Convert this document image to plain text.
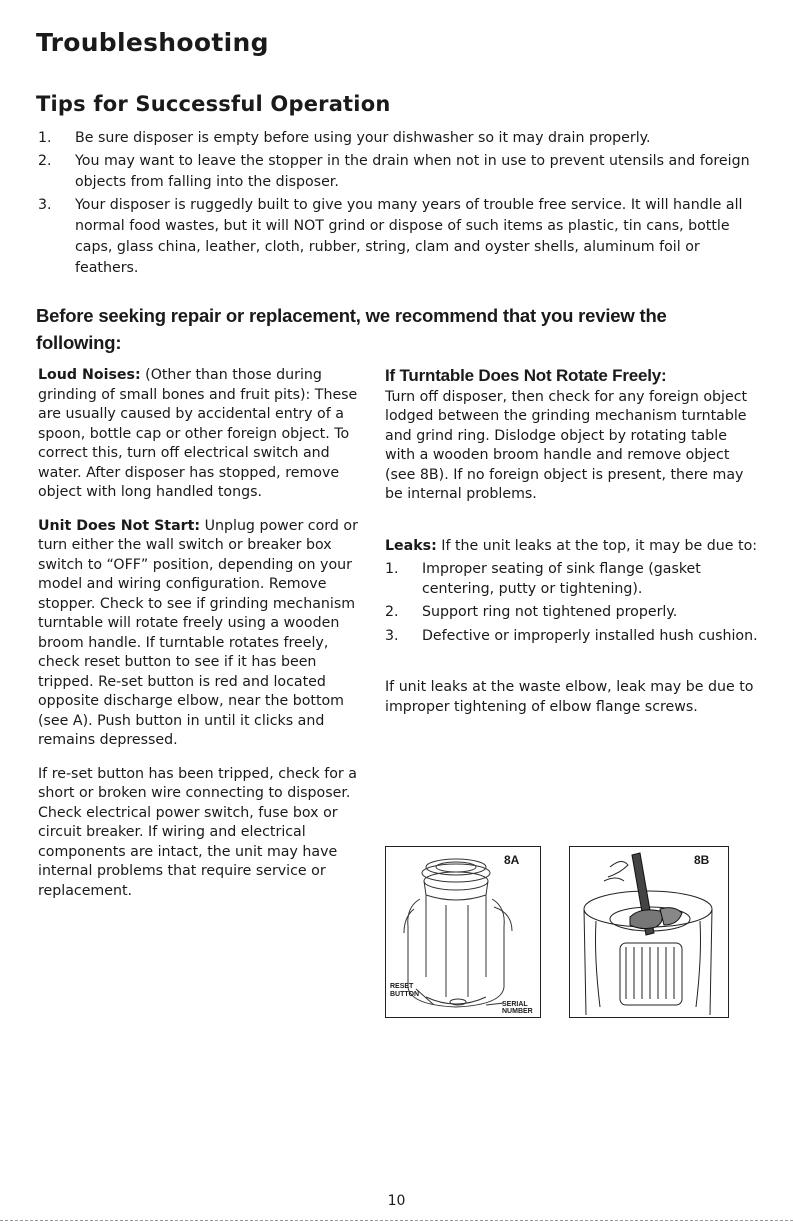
Troubleshooting
Tips for Successful Operation
1. Be sure disposer is empty before using your dishwasher so it may drain properly.
2. You may want to leave the stopper in the drain when not in use to prevent utensils and foreign objects from falling into the disposer.
3. Your disposer is ruggedly built to give you many years of trouble free service. It will handle all normal food wastes, but it will NOT grind or dispose of such items as plastic, tin cans, bottle caps, glass china, leather, cloth, rubber, string, clam and oyster shells, aluminum foil or feathers.
Before seeking repair or replacement, we recommend that you review the following:

Loud Noises: (Other than those during grinding of small bones and fruit pits): These are usually caused by accidental entry of a spoon, bottle cap or other foreign object. To correct this, turn off electrical switch and water. After disposer has stopped, remove object with long handled tongs.

Unit Does Not Start: Unplug power cord or turn either the wall switch or breaker box switch to “OFF” position, depending on your model and wiring configuration. Remove stopper. Check to see if grinding mechanism turntable will rotate freely using a wooden broom handle. If turntable rotates freely, check reset button to see if it has been tripped. Re-set button is red and located opposite discharge elbow, near the bottom (see A). Push button in until it clicks and remains depressed.

If re-set button has been tripped, check for a short or broken wire connecting to disposer. Check electrical power switch, fuse box or circuit breaker. If wiring and electrical components are intact, the unit may have internal problems that require service or replacement.

If Turntable Does Not Rotate Freely:

Turn off disposer, then check for any foreign object lodged between the grinding mechanism turntable and grind ring. Dislodge object by rotating table with a wooden broom handle and remove object (see 8B). If no foreign object is present, there may be internal problems.

Leaks: If the unit leaks at the top, it may be due to:

1. Improper seating of sink flange (gasket centering, putty or tightening).
2. Support ring not tightened properly.
3. Defective or improperly installed hush cushion.

If unit leaks at the waste elbow, leak may be due to improper tightening of elbow flange screws.

8A
RESET
BUTTON
SERIAL
NUMBER
8B
10
